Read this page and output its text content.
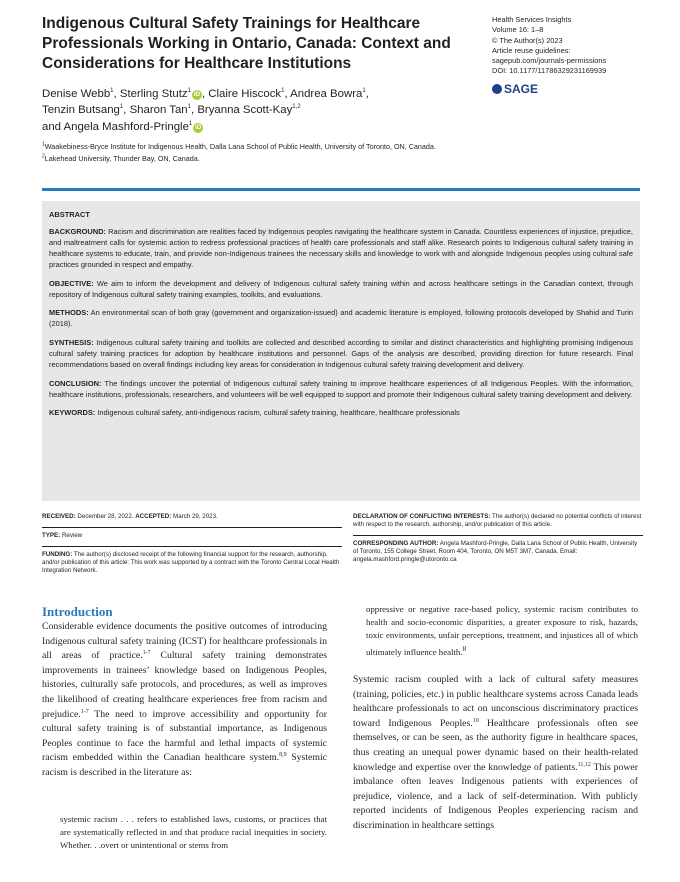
Indigenous Cultural Safety Trainings for Healthcare Professionals Working in Ontario, Canada: Context and Considerations for Healthcare Institutions
Health Services Insights
Volume 16: 1–8
© The Author(s) 2023
Article reuse guidelines:
sagepub.com/journals-permissions
DOI: 10.1177/11786329231169939
SAGE
Denise Webb$^1$, Sterling Stutz$^1$ iD , Claire Hiscock$^1$, Andrea Bowra$^1$,
Tenzin Butsang$^1$, Sharon Tan$^1$, Bryanna Scott-Kay$^{1,2}$
and Angela Mashford-Pringle$^1$ iD
$^1$Waakebiness-Bryce Institute for Indigenous Health, Dalla Lana School of Public Health, University of Toronto, ON, Canada. $^2$Lakehead University, Thunder Bay, ON, Canada.
ABSTRACT

BACKGROUND: Racism and discrimination are realities faced by Indigenous peoples navigating the healthcare system in Canada. Countless experiences of injustice, prejudice, and maltreatment calls for systemic action to redress professional practices of health care professionals and staff alike. Research points to Indigenous cultural safety training in healthcare systems to educate, train, and provide non-Indigenous trainees the necessary skills and knowledge to work with and alongside Indigenous peoples using cultural safe practices grounded in respect and empathy.

OBJECTIVE: We aim to inform the development and delivery of Indigenous cultural safety training within and across healthcare settings in the Canadian context, through repository of Indigenous cultural safety training examples, toolkits, and evaluations.

METHODS: An environmental scan of both gray (government and organization-issued) and academic literature is employed, following protocols developed by Shahid and Turin (2018).

SYNTHESIS: Indigenous cultural safety training and toolkits are collected and described according to similar and distinct characteristics and highlighting promising Indigenous cultural safety training practices for adoption by healthcare institutions and personnel. Gaps of the analysis are described, providing direction for future research. Final recommendations based on overall findings including key areas for consideration in Indigenous cultural safety training development and delivery.

CONCLUSION: The findings uncover the potential of Indigenous cultural safety training to improve healthcare experiences of all Indigenous Peoples. With the information, healthcare institutions, professionals, researchers, and volunteers will be well equipped to support and promote their Indigenous cultural safety training development and delivery.

KEYWORDS: Indigenous cultural safety, anti-indigenous racism, cultural safety training, healthcare, healthcare professionals

RECEIVED: December 28, 2022. ACCEPTED: March 29, 2023.
TYPE: Review
FUNDING: The author(s) disclosed receipt of the following financial support for the research, authorship, and/or publication of this article: This work was supported by a contract with the Toronto Central Local Health Integration Network.
DECLARATION OF CONFLICTING INTERESTS: The author(s) declared no potential conflicts of interest with respect to the research, authorship, and/or publication of this article.
CORRESPONDING AUTHOR: Angela Mashford-Pringle, Dalla Lana School of Public Health, University of Toronto, 155 College Street, Room 404, Toronto, ON M5T 3M7, Canada. Email: angela.mashford.pringle@utoronto.ca
Introduction
Considerable evidence documents the positive outcomes of introducing Indigenous cultural safety training (ICST) for healthcare professionals in all areas of practice.$^{1-7}$ Cultural safety training demonstrates improvements in trainees’ knowledge based on Indigenous Peoples, histories, culturally safe protocols, and procedures, as well as improves the likelihood of creating healthcare experiences free from racism and prejudice.$^{1-7}$ The need to improve accessibility and opportunity for cultural safety training is of substantial importance, as Indigenous Peoples continue to face the harmful and lethal impacts of systemic racism embedded within the Canadian healthcare system.$^{8,9}$ Systemic racism is described in the literature as:
systemic racism . . . refers to established laws, customs, or practices that are systematically reflected in and that produce racial inequities in society. Whether. . .overt or unintentional or stems from
oppressive or negative race-based policy, systemic racism contributes to health and socio-economic disparities, a greater exposure to risk, hazards, toxic environments, unfair perceptions, treatment, and injustices all of which ultimately influence health.$^8$
Systemic racism coupled with a lack of cultural safety measures (training, policies, etc.) in public healthcare systems across Canada leads healthcare professionals to act on unconscious discriminatory practices toward Indigenous Peoples.$^{10}$ Healthcare professionals often see themselves, or can be seen, as the authority figure in healthcare spaces, thus creating an unequal power dynamic based on their health-related knowledge and expertise over the knowledge of patients.$^{11,12}$ This power imbalance often leaves Indigenous patients with experiences of prejudice, violence, and a lack of self-determination. With publicly reported incidents of Indigenous Peoples experiencing racism and discrimination in healthcare settings
